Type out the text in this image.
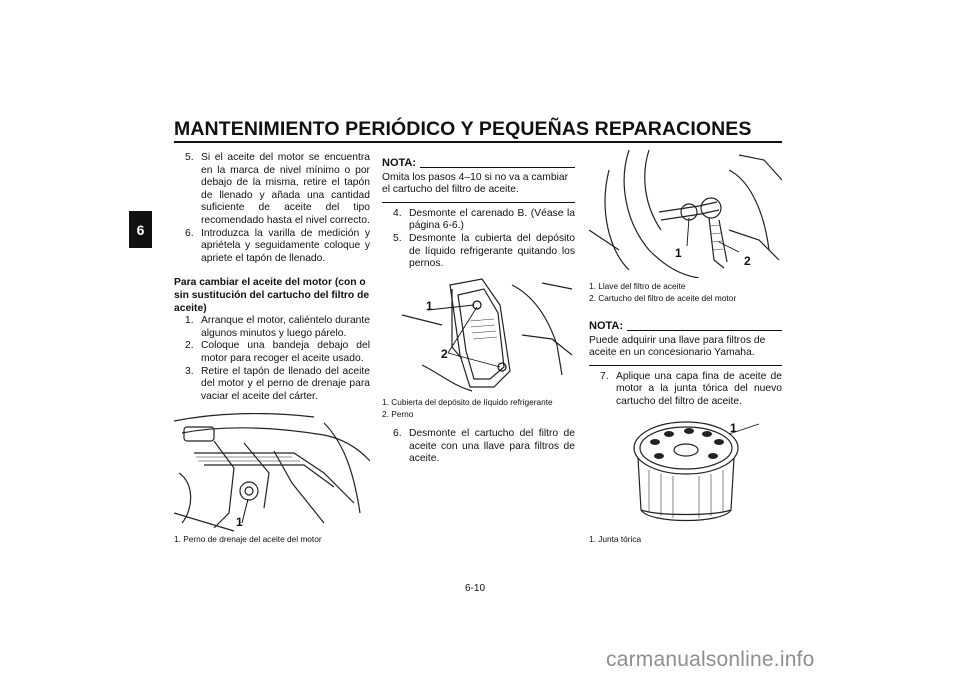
MANTENIMIENTO PERIÓDICO Y PEQUEÑAS REPARACIONES
6
5. Si el aceite del motor se encuentra en la marca de nivel mínimo o por debajo de la misma, retire el tapón de llenado y añada una cantidad suficiente de aceite del tipo recomendado hasta el nivel correcto.
6. Introduzca la varilla de medición y apriételа y seguidamente coloque y apriete el tapón de llenado.
Para cambiar el aceite del motor (con o sin sustitución del cartucho del filtro de aceite)
1. Arranque el motor, caliéntelo durante algunos minutos y luego párelo.
2. Coloque una bandeja debajo del motor para recoger el aceite usado.
3. Retire el tapón de llenado del aceite del motor y el perno de drenaje para vaciar el aceite del cárter.
1
1. Perno de drenaje del aceite del motor
NOTA:
Omita los pasos 4–10 si no va a cambiar el cartucho del filtro de aceite.
4. Desmonte el carenado B. (Véase la página 6-6.)
5. Desmonte la cubierta del depósito de líquido refrigerante quitando los pernos.
1
2
1. Cubierta del depósito de líquido refrigerante
2. Perno
6. Desmonte el cartucho del filtro de aceite con una llave para filtros de aceite.
1
2
1. Llave del filtro de aceite
2. Cartucho del filtro de aceite del motor
NOTA:
Puede adquirir una llave para filtros de aceite en un concesionario Yamaha.
7. Aplique una capa fina de aceite de motor a la junta tórica del nuevo cartucho del filtro de aceite.
1
1. Junta tórica
6-10
carmanualsonline.info
